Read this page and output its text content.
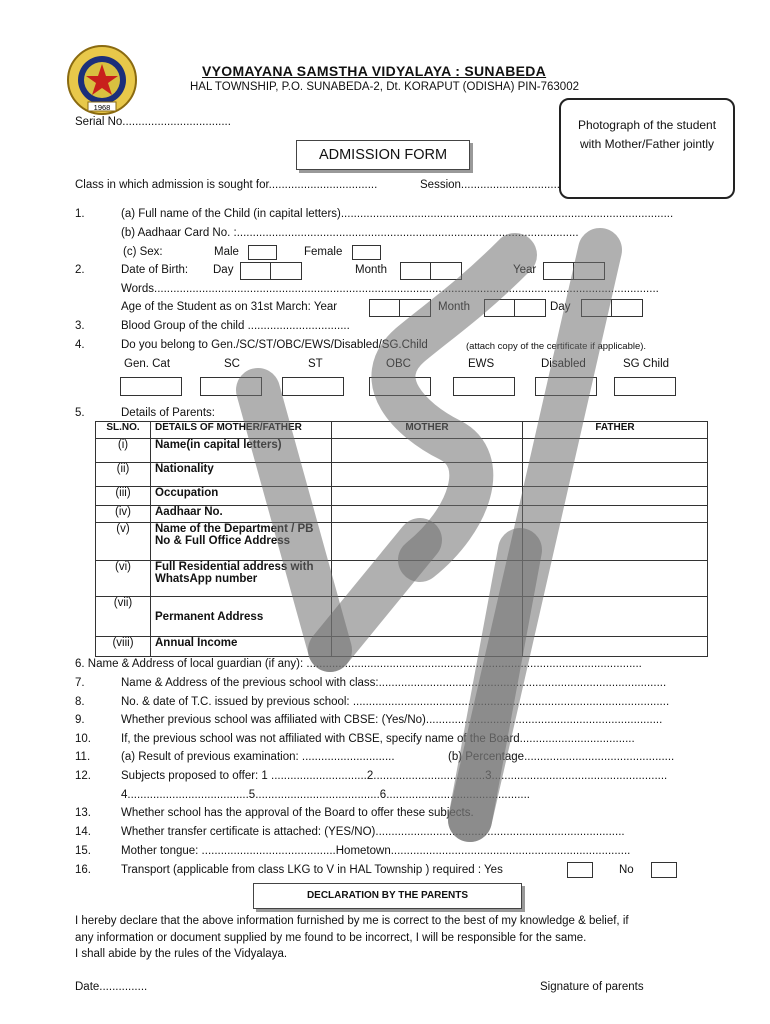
1968
VYOMAYANA SAMSTHA VIDYALAYA : SUNABEDA
HAL TOWNSHIP, P.O. SUNABEDA-2, Dt. KORAPUT (ODISHA) PIN-763002
Serial No..................................	Photograph of the student with Mother/Father jointly
ADMISSION FORM
Class in which admission is sought for..................................	Session...............................
1.	(a) Full name of the Child (in capital letters)........................................................................................................
(b) Aadhaar Card No. :...........................................................................................................
(c) Sex:	Male	Female
2.	Date of Birth: Day	Month	Year
Words..............................................................................................................................................................
Age of the Student as on 31st March: Year	Month	Day
3.	Blood Group of the child ................................
4.	Do you belong to Gen./SC/ST/OBC/EWS/Disabled/SG.Child	(attach copy of the certificate if applicable).
Gen. Cat	SC	ST	OBC	EWS	Disabled	SG Child
5.	Details of Parents:
SL.NO.	DETAILS OF MOTHER/FATHER	MOTHER	FATHER
(i)	Name(in capital letters)		
(ii)	Nationality		
(iii)	Occupation		
(iv)	Aadhaar No.		
(v)	Name of the Department / PB No & Full Office Address		
(vi)	Full Residential address with WhatsApp number		
(vii)	Permanent Address		
(viii)	Annual Income		
6. Name & Address of local guardian (if any): .........................................................................................................
7.	Name & Address of the previous school with class:..........................................................................................
8.	No. & date of T.C. issued by previous school: ...................................................................................................
9.	Whether previous school was affiliated with CBSE: (Yes/No)..........................................................................
10.	If, the previous school was not affiliated with CBSE, specify name of the Board....................................
11.	(a) Result of previous examination: .............................	(b) Percentage...............................................
12.	Subjects proposed to offer: 1 ..............................2...................................3.......................................................
4......................................5.......................................6.............................................
13.	Whether school has the approval of the Board to offer these subjects.
14.	Whether transfer certificate is attached: (YES/NO)..............................................................................
15.	Mother tongue: ..........................................Hometown...........................................................................
16.	Transport (applicable from class LKG to V in HAL Township ) required : Yes	No
DECLARATION BY THE PARENTS
I hereby declare that the above information furnished by me is correct to the best of my knowledge & belief, if
any information or document supplied by me found to be incorrect, I will be responsible for the same.
I shall abide by the rules of the Vidyalaya.
Date...............	Signature of parents
